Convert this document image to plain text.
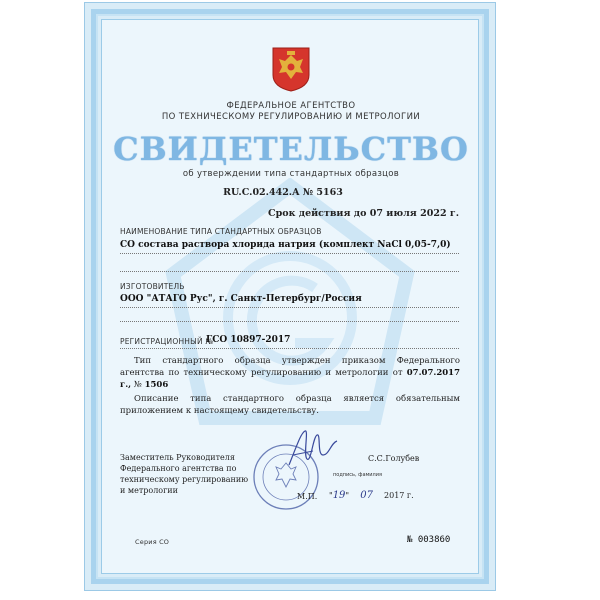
ФЕДЕРАЛЬНОЕ АГЕНТСТВО
ПО ТЕХНИЧЕСКОМУ РЕГУЛИРОВАНИЮ И МЕТРОЛОГИИ
СВИДЕТЕЛЬСТВО
об утверждении типа стандартных образцов
RU.C.02.442.A № 5163
Срок действия до 07 июля 2022 г.
НАИМЕНОВАНИЕ ТИПА СТАНДАРТНЫХ ОБРАЗЦОВ
СО состава раствора хлорида натрия (комплект NaCl 0,05-7,0)
ИЗГОТОВИТЕЛЬ
ООО "АТАГО Рус", г. Санкт-Петербург/Россия
РЕГИСТРАЦИОННЫЙ №
ГСО 10897-2017
Тип стандартного образца утвержден приказом Федерального агентства по техническому регулированию и метрологии от 07.07.2017 г., № 1506
Описание типа стандартного образца является обязательным приложением к настоящему свидетельству.
Заместитель Руководителя
Федерального агентства по
техническому регулированию
и метрологии
С.С.Голубев
подпись, фамилия
М.П. "19" 07 2017 г.
Серия СО	№ 003860
